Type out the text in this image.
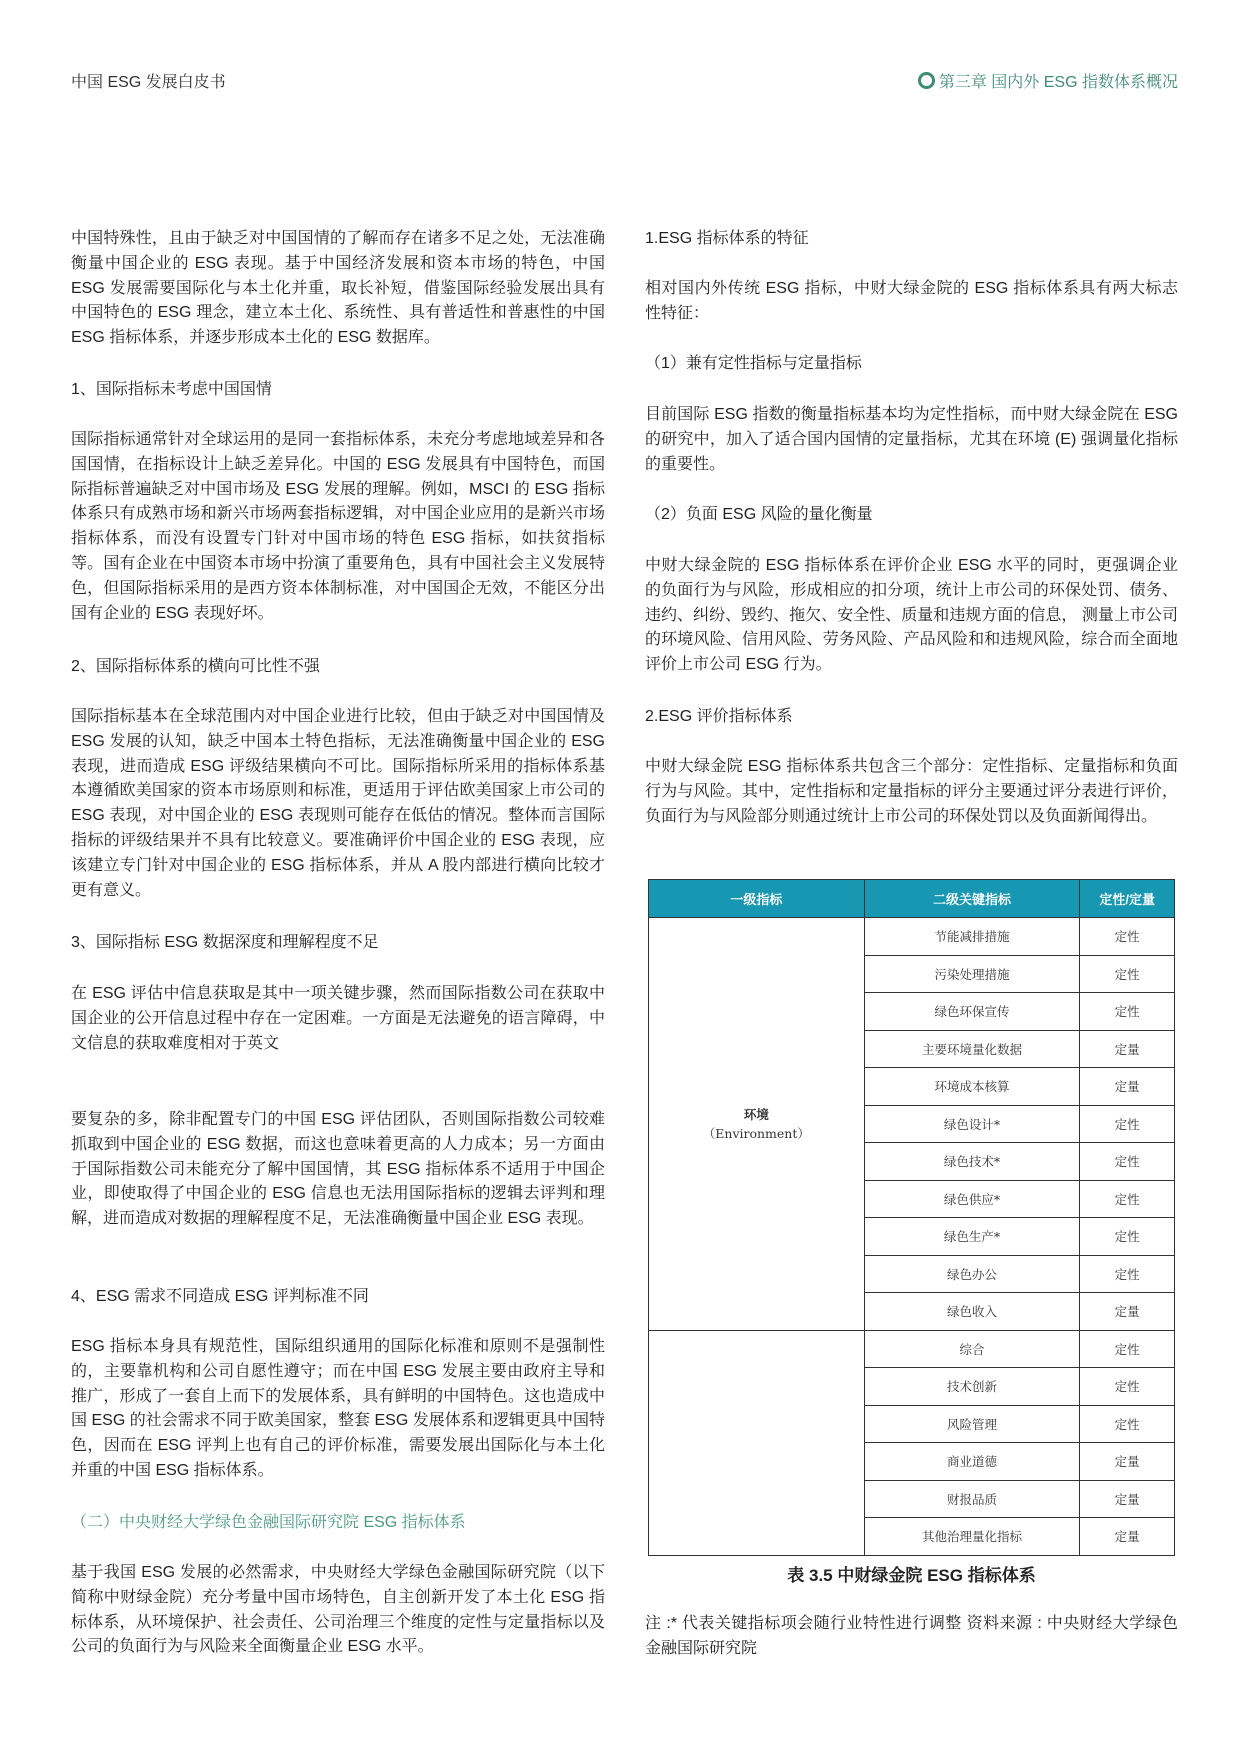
中国 ESG 发展白皮书	第三章 国内外 ESG 指数体系概况

中国特殊性，且由于缺乏对中国国情的了解而存在诸多不足之处，无法准确衡量中国企业的 ESG 表现。基于中国经济发展和资本市场的特色，中国 ESG 发展需要国际化与本土化并重，取长补短，借鉴国际经验发展出具有中国特色的 ESG 理念，建立本土化、系统性、具有普适性和普惠性的中国 ESG 指标体系，并逐步形成本土化的 ESG 数据库。

1、国际指标未考虑中国国情

国际指标通常针对全球运用的是同一套指标体系，未充分考虑地域差异和各国国情，在指标设计上缺乏差异化。中国的 ESG 发展具有中国特色，而国际指标普遍缺乏对中国市场及 ESG 发展的理解。例如，MSCI 的 ESG 指标体系只有成熟市场和新兴市场两套指标逻辑，对中国企业应用的是新兴市场指标体系，而没有设置专门针对中国市场的特色 ESG 指标，如扶贫指标等。国有企业在中国资本市场中扮演了重要角色，具有中国社会主义发展特色，但国际指标采用的是西方资本体制标准，对中国国企无效，不能区分出国有企业的 ESG 表现好坏。

2、国际指标体系的横向可比性不强

国际指标基本在全球范围内对中国企业进行比较，但由于缺乏对中国国情及 ESG 发展的认知，缺乏中国本土特色指标，无法准确衡量中国企业的 ESG 表现，进而造成 ESG 评级结果横向不可比。国际指标所采用的指标体系基本遵循欧美国家的资本市场原则和标准，更适用于评估欧美国家上市公司的 ESG 表现，对中国企业的 ESG 表现则可能存在低估的情况。整体而言国际指标的评级结果并不具有比较意义。要准确评价中国企业的 ESG 表现，应该建立专门针对中国企业的 ESG 指标体系，并从 A 股内部进行横向比较才更有意义。

3、国际指标 ESG 数据深度和理解程度不足

在 ESG 评估中信息获取是其中一项关键步骤，然而国际指数公司在获取中国企业的公开信息过程中存在一定困难。一方面是无法避免的语言障碍，中文信息的获取难度相对于英文

要复杂的多，除非配置专门的中国 ESG 评估团队，否则国际指数公司较难抓取到中国企业的 ESG 数据，而这也意味着更高的人力成本；另一方面由于国际指数公司未能充分了解中国国情，其 ESG 指标体系不适用于中国企业，即使取得了中国企业的 ESG 信息也无法用国际指标的逻辑去评判和理解，进而造成对数据的理解程度不足，无法准确衡量中国企业 ESG 表现。

4、ESG 需求不同造成 ESG 评判标准不同

ESG 指标本身具有规范性，国际组织通用的国际化标准和原则不是强制性的，主要靠机构和公司自愿性遵守；而在中国 ESG 发展主要由政府主导和推广，形成了一套自上而下的发展体系，具有鲜明的中国特色。这也造成中国 ESG 的社会需求不同于欧美国家，整套 ESG 发展体系和逻辑更具中国特色，因而在 ESG 评判上也有自己的评价标准，需要发展出国际化与本土化并重的中国 ESG 指标体系。

（二）中央财经大学绿色金融国际研究院 ESG 指标体系

基于我国 ESG 发展的必然需求，中央财经大学绿色金融国际研究院（以下简称中财绿金院）充分考量中国市场特色，自主创新开发了本土化 ESG 指标体系，从环境保护、社会责任、公司治理三个维度的定性与定量指标以及公司的负面行为与风险来全面衡量企业 ESG 水平。

1.ESG 指标体系的特征

相对国内外传统 ESG 指标，中财大绿金院的 ESG 指标体系具有两大标志性特征：

（1）兼有定性指标与定量指标

目前国际 ESG 指数的衡量指标基本均为定性指标，而中财大绿金院在 ESG 的研究中，加入了适合国内国情的定量指标，尤其在环境 (E) 强调量化指标的重要性。

（2）负面 ESG 风险的量化衡量

中财大绿金院的 ESG 指标体系在评价企业 ESG 水平的同时，更强调企业的负面行为与风险，形成相应的扣分项，统计上市公司的环保处罚、债务、违约、纠纷、毁约、拖欠、安全性、质量和违规方面的信息， 测量上市公司的环境风险、信用风险、劳务风险、产品风险和和违规风险，综合而全面地评价上市公司 ESG 行为。

2.ESG 评价指标体系

中财大绿金院 ESG 指标体系共包含三个部分：定性指标、定量指标和负面行为与风险。其中，定性指标和定量指标的评分主要通过评分表进行评价，负面行为与风险部分则通过统计上市公司的环保处罚以及负面新闻得出。

一级指标	二级关键指标	定性/定量

环境
（Environment）	节能减排措施	定性
	污染处理措施	定性
	绿色环保宣传	定性
	主要环境量化数据	定量
	环境成本核算	定量
	绿色设计*	定性
	绿色技术*	定性
	绿色供应*	定性
	绿色生产*	定性
	绿色办公	定性
	绿色收入	定量

	综合	定性
	技术创新	定性
	风险管理	定性
	商业道德	定量
	财报品质	定量
	其他治理量化指标	定量
表 3.5 中财绿金院 ESG 指标体系

注 :* 代表关键指标项会随行业特性进行调整 资料来源 : 中央财经大学绿色金融国际研究院
